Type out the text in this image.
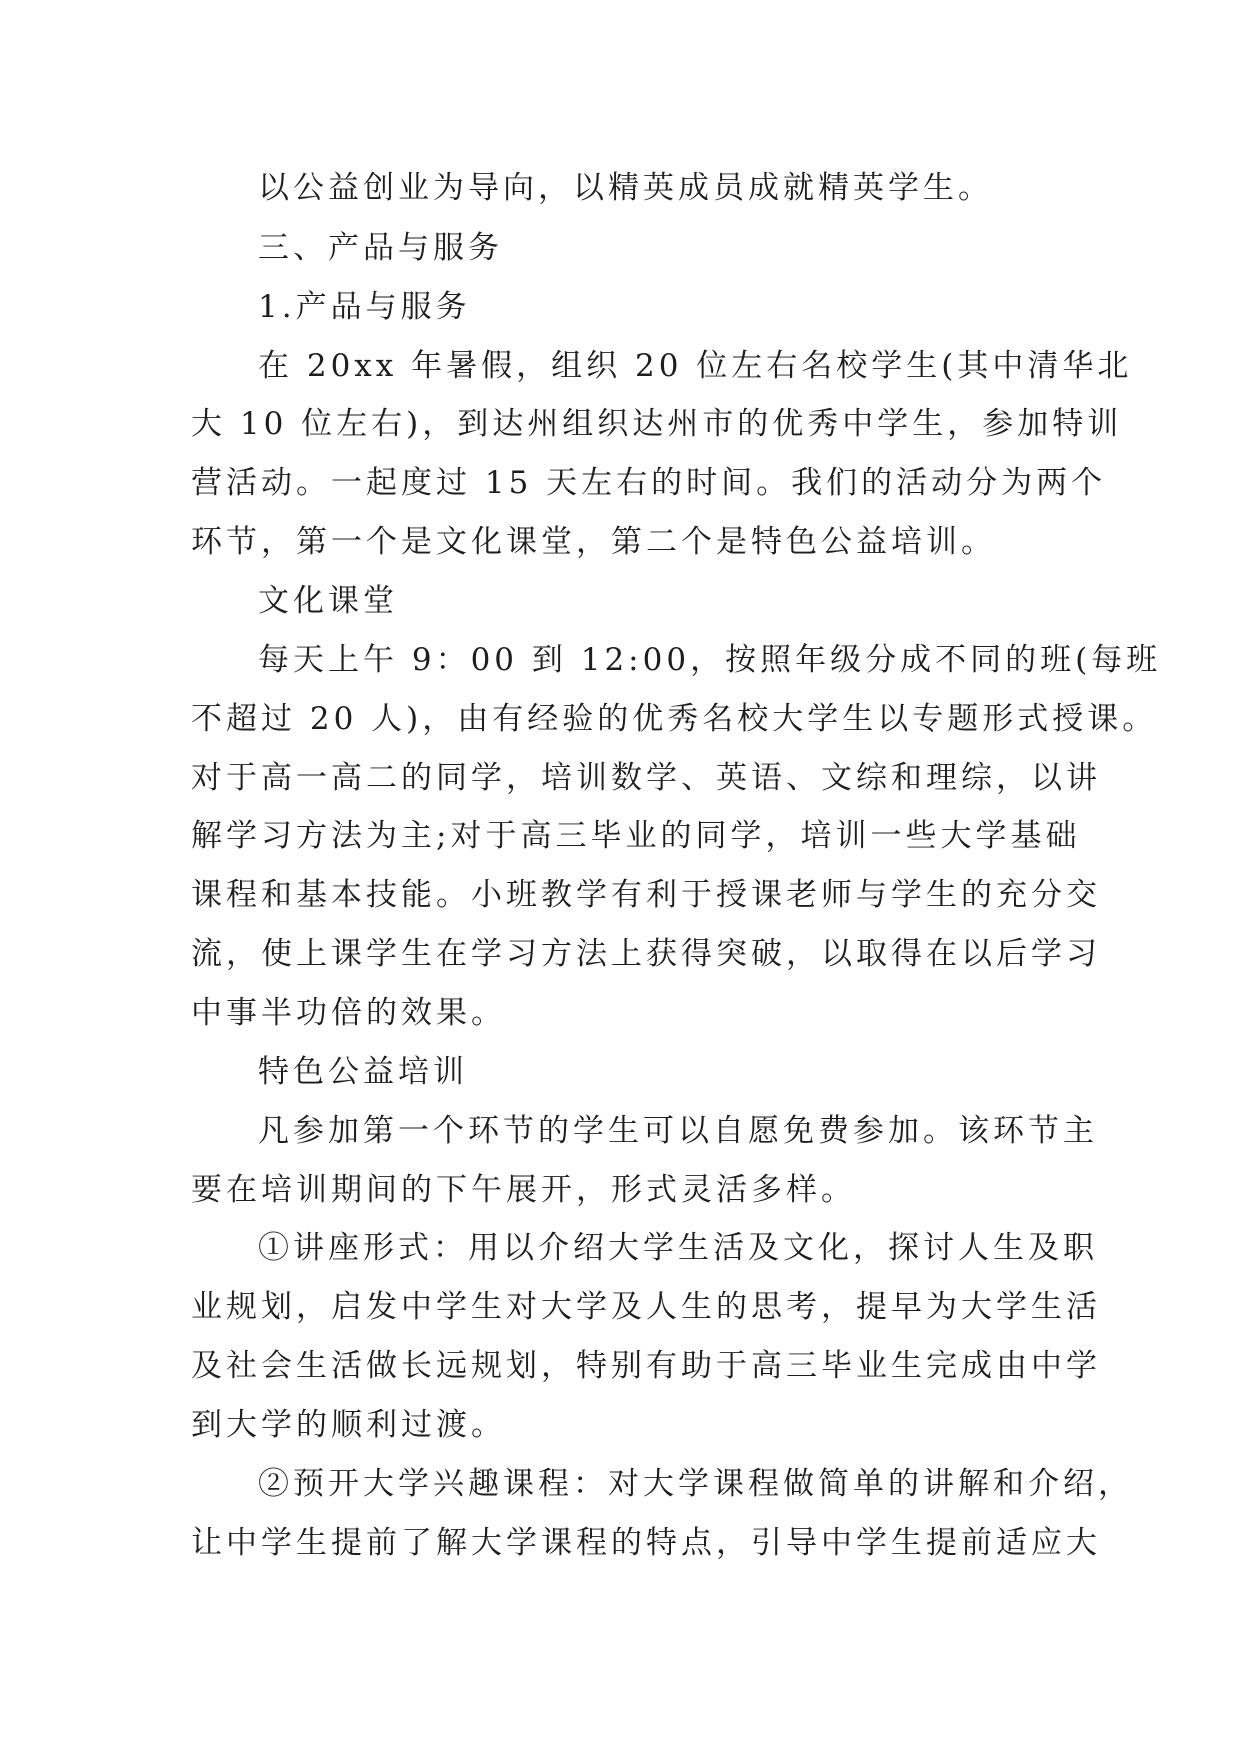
以公益创业为导向，以精英成员成就精英学生。
三、产品与服务
1.产品与服务
在 20xx 年暑假，组织 20 位左右名校学生(其中清华北
大 10 位左右)，到达州组织达州市的优秀中学生，参加特训
营活动。一起度过 15 天左右的时间。我们的活动分为两个
环节，第一个是文化课堂，第二个是特色公益培训。
文化课堂
每天上午 9：00 到 12:00，按照年级分成不同的班(每班
不超过 20 人)，由有经验的优秀名校大学生以专题形式授课。
对于高一高二的同学，培训数学、英语、文综和理综，以讲
解学习方法为主;对于高三毕业的同学，培训一些大学基础
课程和基本技能。小班教学有利于授课老师与学生的充分交
流，使上课学生在学习方法上获得突破，以取得在以后学习
中事半功倍的效果。
特色公益培训
凡参加第一个环节的学生可以自愿免费参加。该环节主
要在培训期间的下午展开，形式灵活多样。
①讲座形式：用以介绍大学生活及文化，探讨人生及职
业规划，启发中学生对大学及人生的思考，提早为大学生活
及社会生活做长远规划，特别有助于高三毕业生完成由中学
到大学的顺利过渡。
②预开大学兴趣课程：对大学课程做简单的讲解和介绍，
让中学生提前了解大学课程的特点，引导中学生提前适应大
